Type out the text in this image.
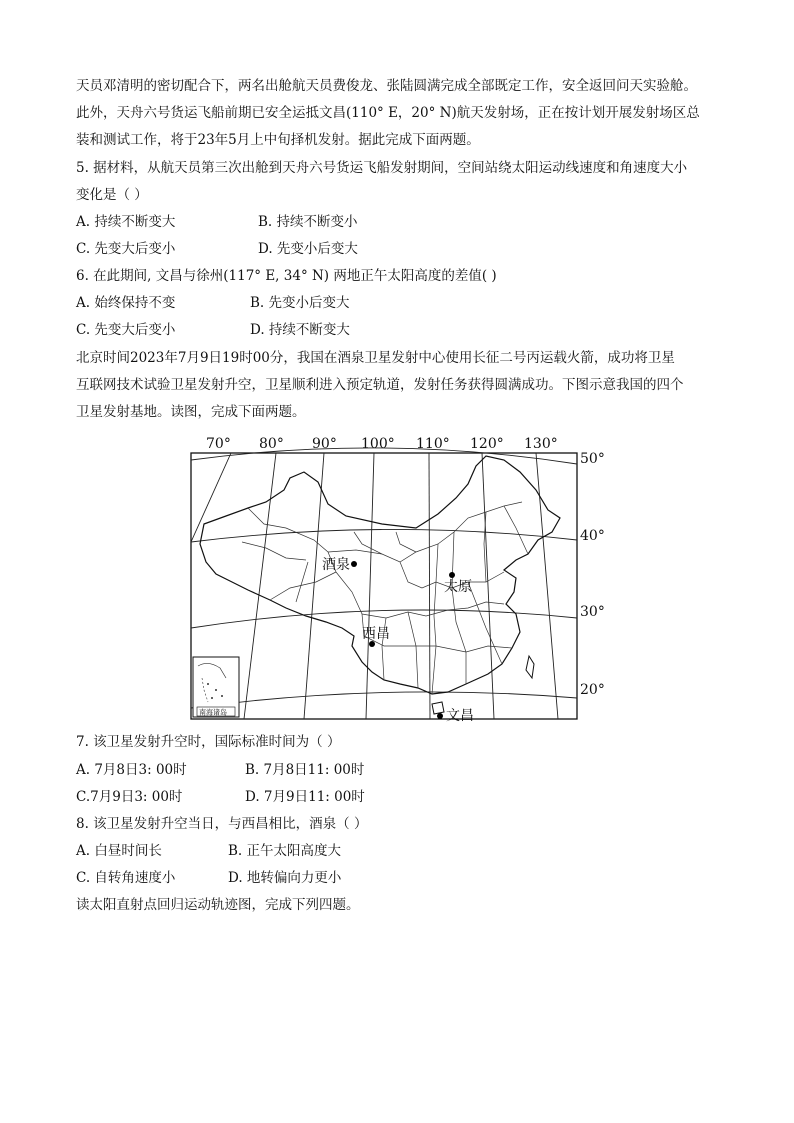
天员邓清明的密切配合下，两名出舱航天员费俊龙、张陆圆满完成全部既定工作，安全返回问天实验舱。
此外，天舟六号货运飞船前期已安全运抵文昌(110° E，20° N)航天发射场，正在按计划开展发射场区总
装和测试工作，将于23年5月上中旬择机发射。据此完成下面两题。
5. 据材料，从航天员第三次出舱到天舟六号货运飞船发射期间，空间站绕太阳运动线速度和角速度大小
变化是（ ）
A. 持续不断变大	B. 持续不断变小
C. 先变大后变小	D. 先变小后变大
6. 在此期间, 文昌与徐州(117° E, 34° N) 两地正午太阳高度的差值( )
A. 始终保持不变	B. 先变小后变大
C. 先变大后变小	D. 持续不断变大
北京时间2023年7月9日19时00分，我国在酒泉卫星发射中心使用长征二号丙运载火箭，成功将卫星
互联网技术试验卫星发射升空，卫星顺利进入预定轨道，发射任务获得圆满成功。下图示意我国的四个
卫星发射基地。读图，完成下面两题。
70° 80° 90° 100° 110° 120° 130°
50°
40°
30°
20°
南海诸岛
酒泉
太原
西昌
文昌
7. 该卫星发射升空时，国际标准时间为（ ）
A. 7月8日3: 00时	B. 7月8日11: 00时
C.7月9日3: 00时	D. 7月9日11: 00时
8. 该卫星发射升空当日，与西昌相比，酒泉（ ）
A. 白昼时间长	B. 正午太阳高度大
C. 自转角速度小	D. 地转偏向力更小
读太阳直射点回归运动轨迹图，完成下列四题。
